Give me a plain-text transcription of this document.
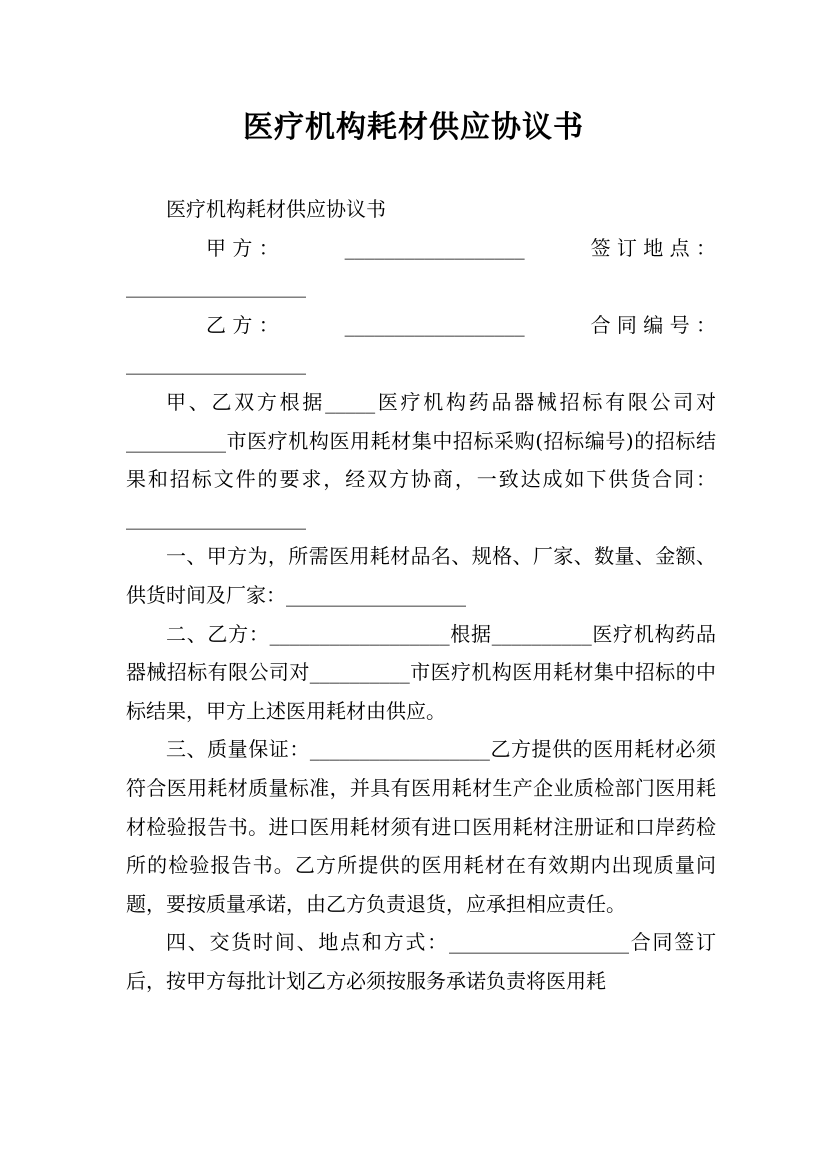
医疗机构耗材供应协议书

医疗机构耗材供应协议书

甲 方 ：	__________________	签 订 地 点 ：

__________________

乙 方 ：	__________________	合 同 编 号 ：

__________________

甲、乙双方根据_____医疗机构药品器械招标有限公司对__________市医疗机构医用耗材集中招标采购(招标编号)的招标结果和招标文件的要求，经双方协商，一致达成如下供货合同：__________________

一、甲方为，所需医用耗材品名、规格、厂家、数量、金额、供货时间及厂家：__________________

二、乙方：__________________根据__________医疗机构药品器械招标有限公司对__________市医疗机构医用耗材集中招标的中标结果，甲方上述医用耗材由供应。

三、质量保证：__________________乙方提供的医用耗材必须符合医用耗材质量标准，并具有医用耗材生产企业质检部门医用耗材检验报告书。进口医用耗材须有进口医用耗材注册证和口岸药检所的检验报告书。乙方所提供的医用耗材在有效期内出现质量问题，要按质量承诺，由乙方负责退货，应承担相应责任。

四、交货时间、地点和方式：__________________合同签订后，按甲方每批计划乙方必须按服务承诺负责将医用耗
